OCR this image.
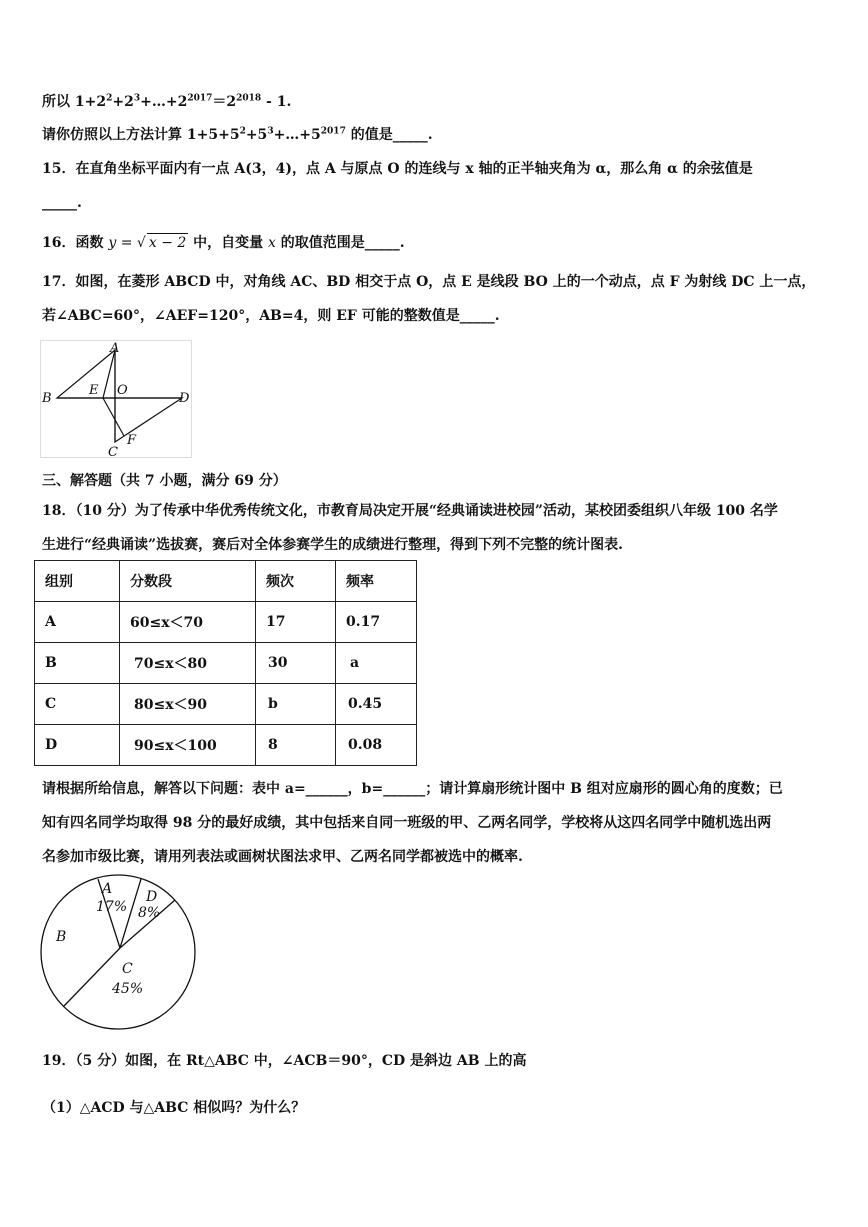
所以 $1+2^2+2^3+\dots+2^{2017}=2^{2018} - 1$.
请你仿照以上方法计算 $1+5+5^2+5^3+\dots+5^{2017}$ 的值是_____.
15．在直角坐标平面内有一点 A(3，4)，点 A 与原点 O 的连线与 x 轴的正半轴夹角为 α，那么角 α 的余弦值是
_____.
16．函数 y = √ x − 2 中，自变量 x 的取值范围是_____.
17．如图，在菱形 ABCD 中，对角线 AC、BD 相交于点 O，点 E 是线段 BO 上的一个动点，点 F 为射线 DC 上一点，
若∠ABC=60°，∠AEF=120°，AB=4，则 EF 可能的整数值是_____.
A
B
C
D
E O
F
三、解答题（共 7 小题，满分 69 分）
18．（10 分）为了传承中华优秀传统文化，市教育局决定开展“经典诵读进校园”活动，某校团委组织八年级 100 名学
生进行“经典诵读”选拔赛，赛后对全体参赛学生的成绩进行整理，得到下列不完整的统计图表.
组别	分数段	频次	频率
A	60≤x＜70	17	0.17
B	70≤x＜80	30	a
C	80≤x＜90	b	0.45
D	90≤x＜100	8	0.08
请根据所给信息，解答以下问题：表中 a=______，b=______；请计算扇形统计图中 B 组对应扇形的圆心角的度数；已
知有四名同学均取得 98 分的最好成绩，其中包括来自同一班级的甲、乙两名同学，学校将从这四名同学中随机选出两
名参加市级比赛，请用列表法或画树状图法求甲、乙两名同学都被选中的概率.
A
17%
D
8%
B
C
45%
19．（5 分）如图，在 Rt△ABC 中，∠ACB＝90°，CD 是斜边 AB 上的高
（1）△ACD 与△ABC 相似吗？为什么？
